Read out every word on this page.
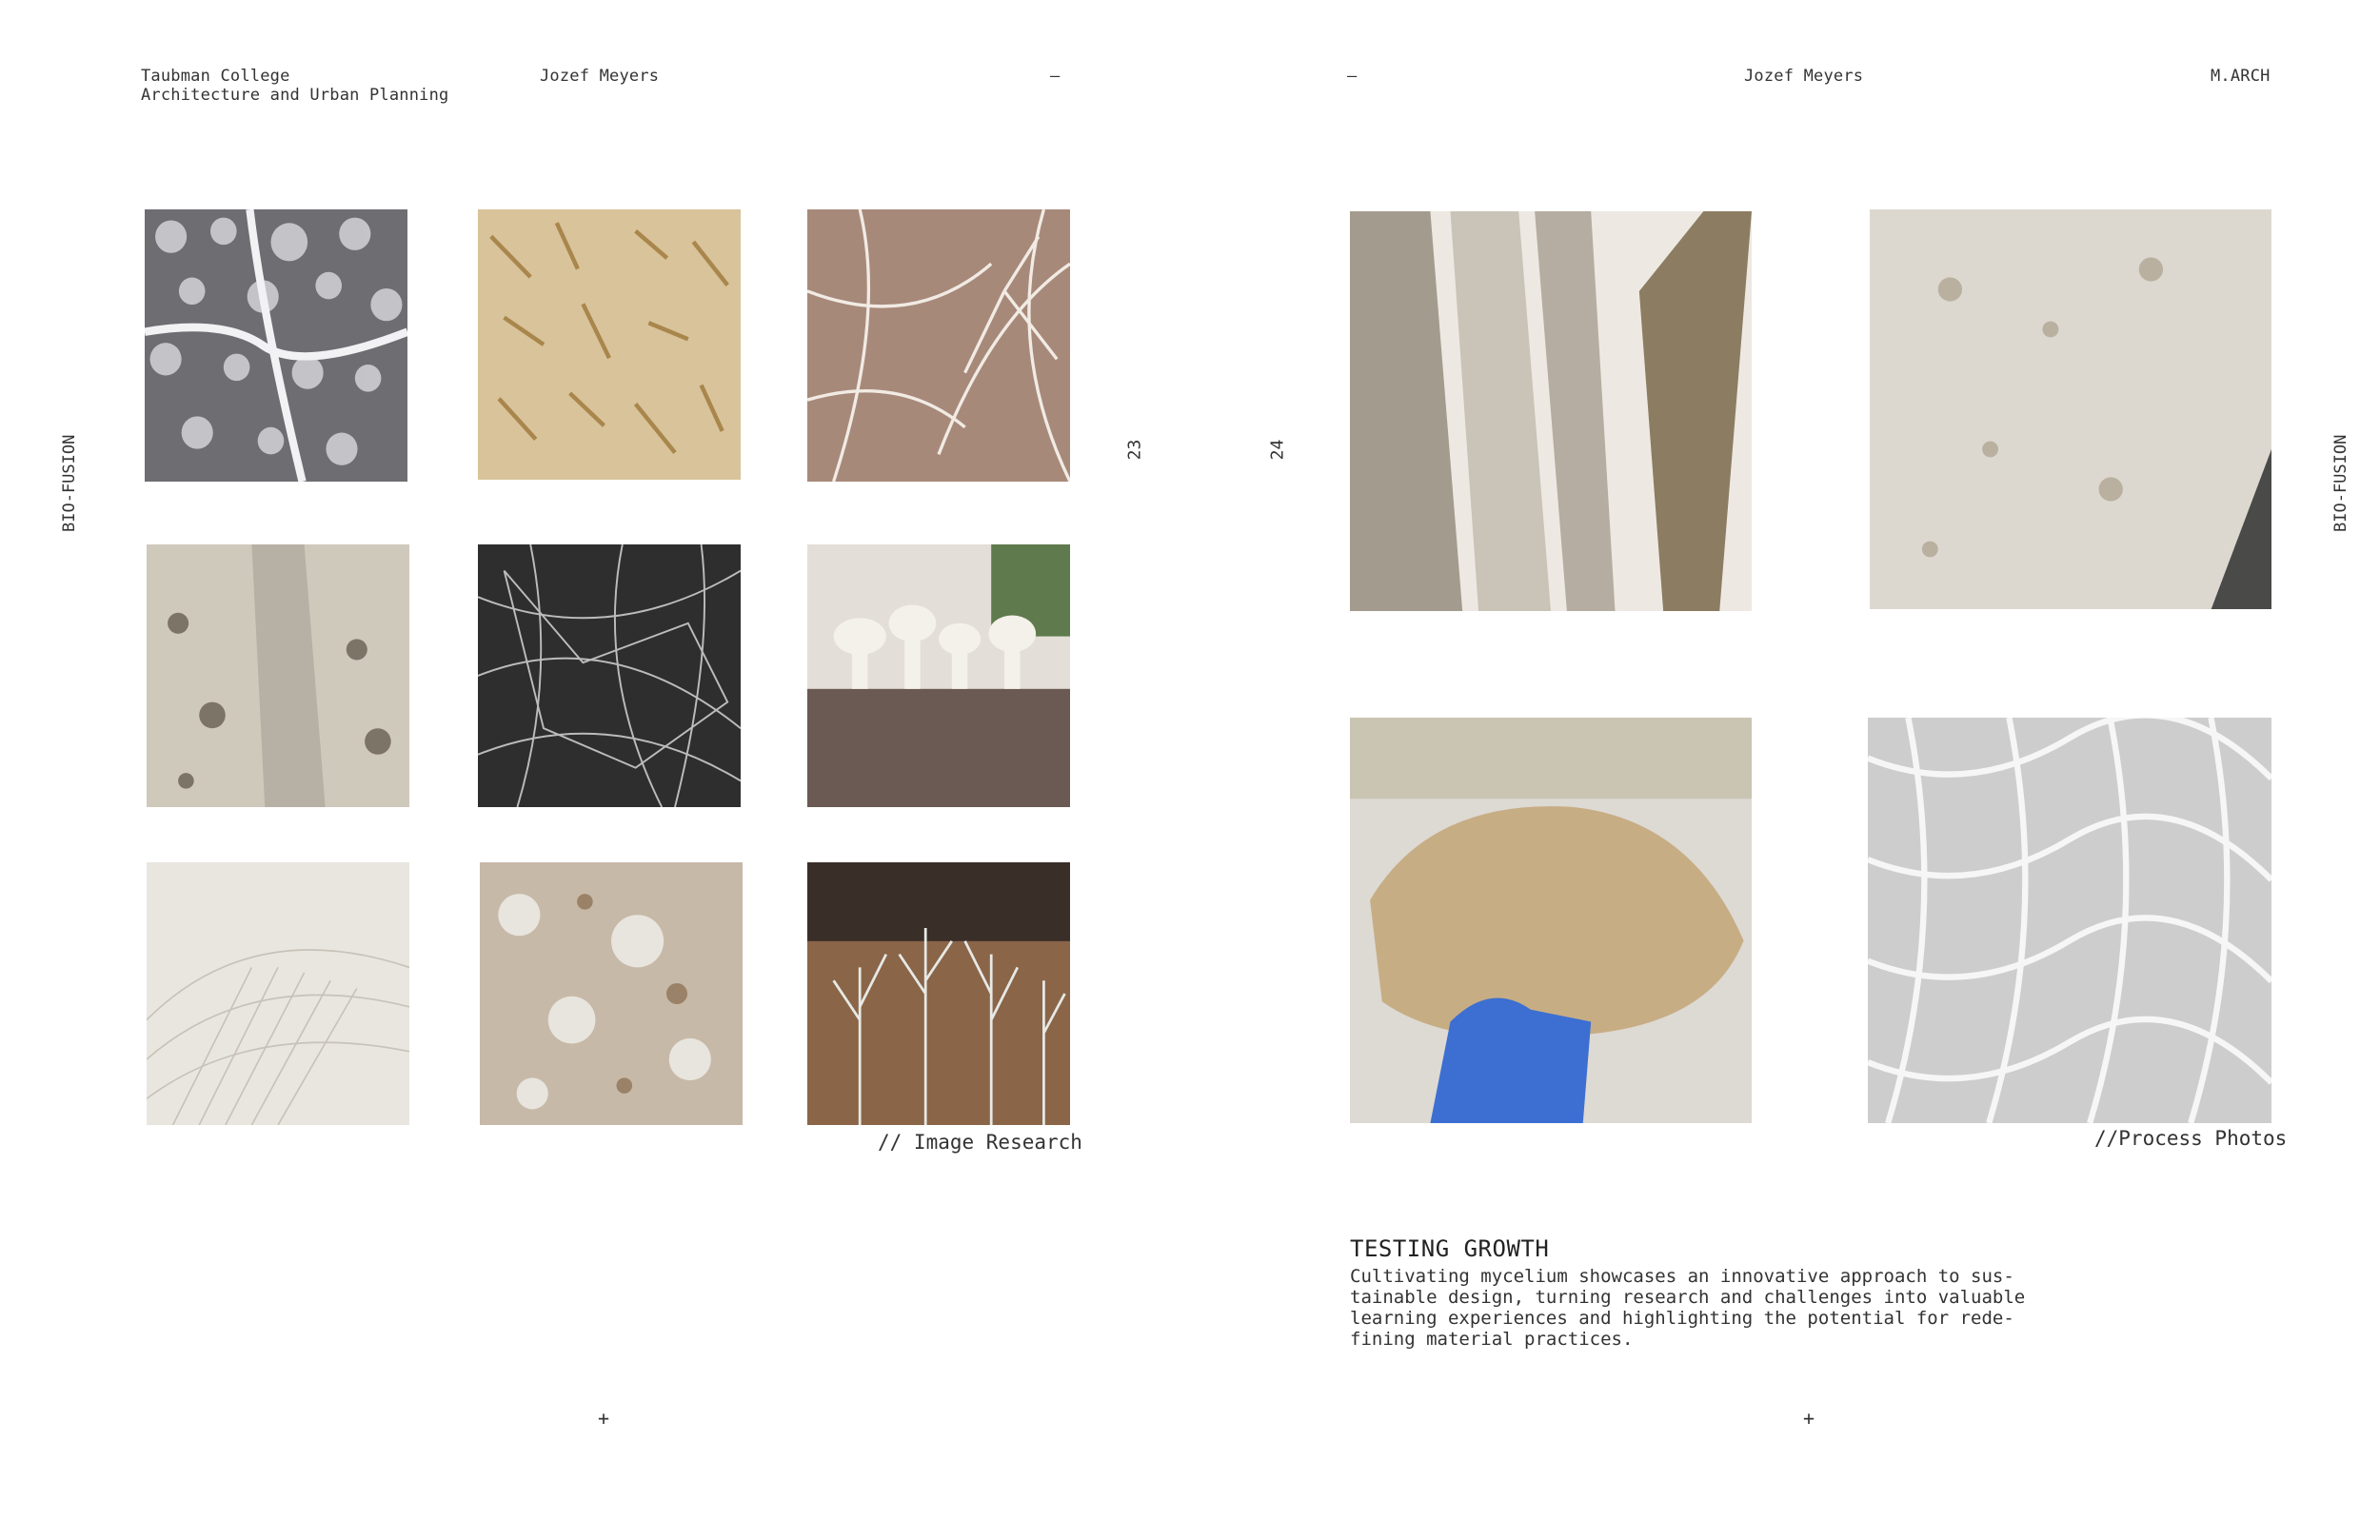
Taubman College
Architecture and Urban Planning
Jozef Meyers	–	–	Jozef Meyers	M.ARCH
BIO-FUSION	BIO-FUSION
23	24
// Image Research	//Process Photos
TESTING GROWTH
Cultivating mycelium showcases an innovative approach to sus-
tainable design, turning research and challenges into valuable
learning experiences and highlighting the potential for rede-
fining material practices.
+	+
